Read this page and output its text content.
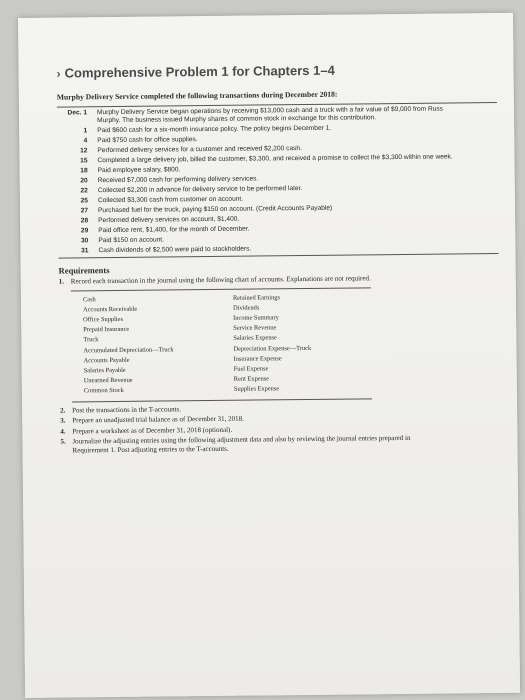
› Comprehensive Problem 1 for Chapters 1–4
Murphy Delivery Service completed the following transactions during December 2018:
Dec. 1	Murphy Delivery Service began operations by receiving $13,000 cash and a truck with a fair value of $9,000 from Russ Murphy. The business issued Murphy shares of common stock in exchange for this contribution.
1	Paid $600 cash for a six-month insurance policy. The policy begins December 1.
4	Paid $750 cash for office supplies.
12	Performed delivery services for a customer and received $2,200 cash.
15	Completed a large delivery job, billed the customer, $3,300, and received a promise to collect the $3,300 within one week.
18	Paid employee salary, $800.
20	Received $7,000 cash for performing delivery services.
22	Collected $2,200 in advance for delivery service to be performed later.
25	Collected $3,300 cash from customer on account.
27	Purchased fuel for the truck, paying $150 on account. (Credit Accounts Payable)
28	Performed delivery services on account, $1,400.
29	Paid office rent, $1,400, for the month of December.
30	Paid $150 on account.
31	Cash dividends of $2,500 were paid to stockholders.
Requirements
1. Record each transaction in the journal using the following chart of accounts. Explanations are not required.
Cash
Accounts Receivable
Office Supplies
Prepaid Insurance
Truck
Accumulated Depreciation—Truck
Accounts Payable
Salaries Payable
Unearned Revenue
Common Stock
Retained Earnings
Dividends
Income Summary
Service Revenue
Salaries Expense
Depreciation Expense—Truck
Insurance Expense
Fuel Expense
Rent Expense
Supplies Expense
2. Post the transactions in the T-accounts.
3. Prepare an unadjusted trial balance as of December 31, 2018.
4. Prepare a worksheet as of December 31, 2018 (optional).
5. Journalize the adjusting entries using the following adjustment data and also by reviewing the journal entries prepared in Requirement 1. Post adjusting entries to the T-accounts.
